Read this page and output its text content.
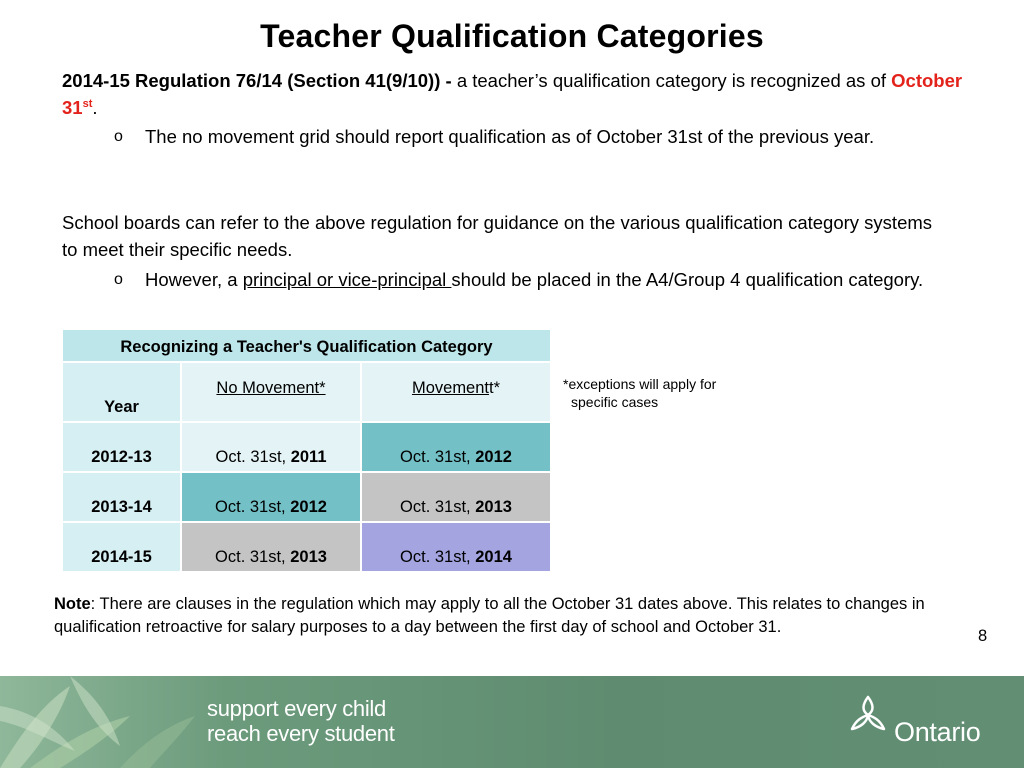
Teacher Qualification Categories
2014-15 Regulation 76/14 (Section 41(9/10)) - a teacher’s qualification category is recognized as of October 31st.
o The no movement grid should report qualification as of October 31st of the previous year.
School boards can refer to the above regulation for guidance on the various qualification category systems to meet their specific needs.
o However, a principal or vice-principal should be placed in the A4/Group 4 qualification category.
Recognizing a Teacher's Qualification Category		
Year	No Movement*	Movementt*
2012-13	Oct. 31st, 2011	Oct. 31st, 2012
2013-14	Oct. 31st, 2012	Oct. 31st, 2013
2014-15	Oct. 31st, 2013	Oct. 31st, 2014
*exceptions will apply for
specific cases
Note: There are clauses in the regulation which may apply to all the October 31 dates above. This relates to changes in qualification retroactive for salary purposes to a day between the first day of school and October 31.	8
support every child
reach every student	Ontario
